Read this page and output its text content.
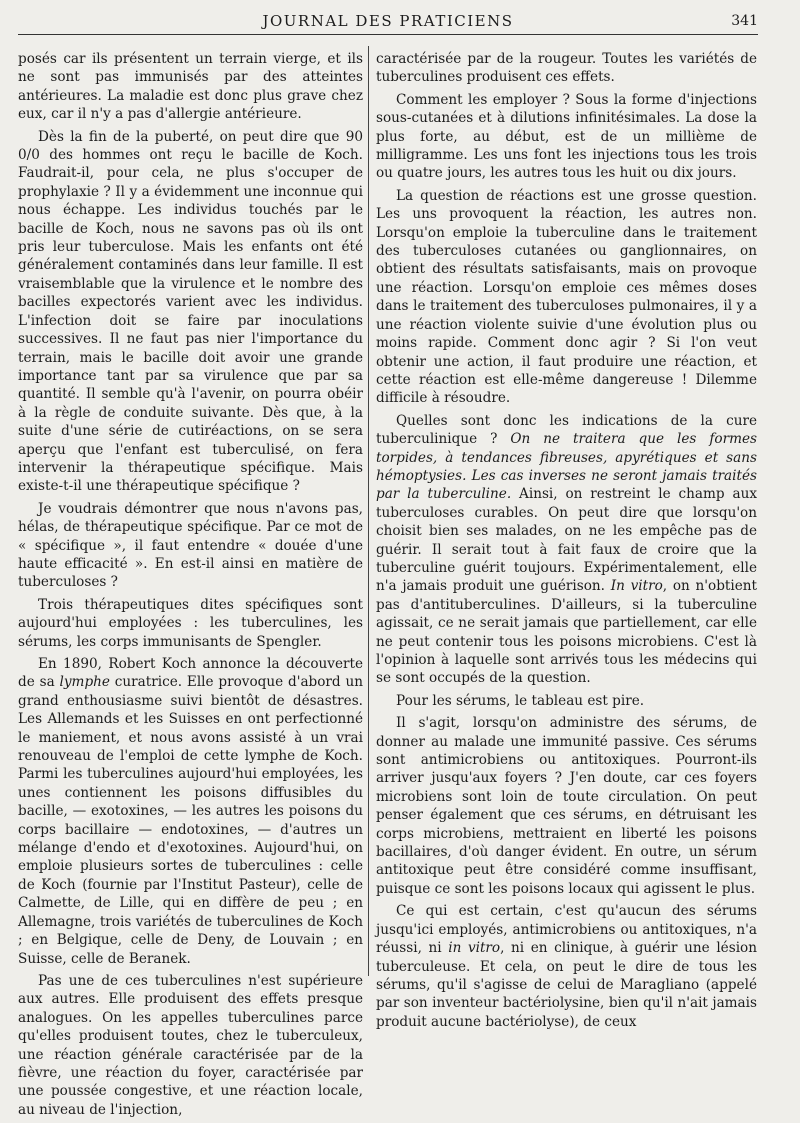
JOURNAL DES PRATICIENS	341

posés car ils présentent un terrain vierge, et ils ne sont pas immunisés par des atteintes antérieures. La maladie est donc plus grave chez eux, car il n'y a pas d'allergie antérieure.

Dès la fin de la puberté, on peut dire que 90 0/0 des hommes ont reçu le bacille de Koch. Faudrait-il, pour cela, ne plus s'occuper de prophylaxie ? Il y a évidemment une inconnue qui nous échappe. Les individus touchés par le bacille de Koch, nous ne savons pas où ils ont pris leur tuberculose. Mais les enfants ont été généralement contaminés dans leur famille. Il est vraisemblable que la virulence et le nombre des bacilles expectorés varient avec les individus. L'infection doit se faire par inoculations successives. Il ne faut pas nier l'importance du terrain, mais le bacille doit avoir une grande importance tant par sa virulence que par sa quantité. Il semble qu'à l'avenir, on pourra obéir à la règle de conduite suivante. Dès que, à la suite d'une série de cutiréactions, on se sera aperçu que l'enfant est tuberculisé, on fera intervenir la thérapeutique spécifique. Mais existe-t-il une thérapeutique spécifique ?

Je voudrais démontrer que nous n'avons pas, hélas, de thérapeutique spécifique. Par ce mot de « spécifique », il faut entendre « douée d'une haute efficacité ». En est-il ainsi en matière de tuberculoses ?

Trois thérapeutiques dites spécifiques sont aujourd'hui employées : les tuberculines, les sérums, les corps immunisants de Spengler.

En 1890, Robert Koch annonce la découverte de sa lymphe curatrice. Elle provoque d'abord un grand enthousiasme suivi bientôt de désastres. Les Allemands et les Suisses en ont perfectionné le maniement, et nous avons assisté à un vrai renouveau de l'emploi de cette lymphe de Koch. Parmi les tuberculines aujourd'hui employées, les unes contiennent les poisons diffusibles du bacille, — exotoxines, — les autres les poisons du corps bacillaire — endotoxines, — d'autres un mélange d'endo et d'exotoxines. Aujourd'hui, on emploie plusieurs sortes de tuberculines : celle de Koch (fournie par l'Institut Pasteur), celle de Calmette, de Lille, qui en diffère de peu ; en Allemagne, trois variétés de tuberculines de Koch ; en Belgique, celle de Deny, de Louvain ; en Suisse, celle de Beranek.

Pas une de ces tuberculines n'est supérieure aux autres. Elle produisent des effets presque analogues. On les appelles tuberculines parce qu'elles produisent toutes, chez le tuberculeux, une réaction générale caractérisée par de la fièvre, une réaction du foyer, caractérisée par une poussée congestive, et une réaction locale, au niveau de l'injection,

caractérisée par de la rougeur. Toutes les variétés de tuberculines produisent ces effets.

Comment les employer ? Sous la forme d'injections sous-cutanées et à dilutions infinitésimales. La dose la plus forte, au début, est de un millième de milligramme. Les uns font les injections tous les trois ou quatre jours, les autres tous les huit ou dix jours.

La question de réactions est une grosse question. Les uns provoquent la réaction, les autres non. Lorsqu'on emploie la tuberculine dans le traitement des tuberculoses cutanées ou ganglionnaires, on obtient des résultats satisfaisants, mais on provoque une réaction. Lorsqu'on emploie ces mêmes doses dans le traitement des tuberculoses pulmonaires, il y a une réaction violente suivie d'une évolution plus ou moins rapide. Comment donc agir ? Si l'on veut obtenir une action, il faut produire une réaction, et cette réaction est elle-même dangereuse ! Dilemme difficile à résoudre.

Quelles sont donc les indications de la cure tuberculinique ? On ne traitera que les formes torpides, à tendances fibreuses, apyrétiques et sans hémoptysies. Les cas inverses ne seront jamais traités par la tuberculine. Ainsi, on restreint le champ aux tuberculoses curables. On peut dire que lorsqu'on choisit bien ses malades, on ne les empêche pas de guérir. Il serait tout à fait faux de croire que la tuberculine guérit toujours. Expérimentalement, elle n'a jamais produit une guérison. In vitro, on n'obtient pas d'antituberculines. D'ailleurs, si la tuberculine agissait, ce ne serait jamais que partiellement, car elle ne peut contenir tous les poisons microbiens. C'est là l'opinion à laquelle sont arrivés tous les médecins qui se sont occupés de la question.

Pour les sérums, le tableau est pire.

Il s'agit, lorsqu'on administre des sérums, de donner au malade une immunité passive. Ces sérums sont antimicrobiens ou antitoxiques. Pourront-ils arriver jusqu'aux foyers ? J'en doute, car ces foyers microbiens sont loin de toute circulation. On peut penser également que ces sérums, en détruisant les corps microbiens, mettraient en liberté les poisons bacillaires, d'où danger évident. En outre, un sérum antitoxique peut être considéré comme insuffisant, puisque ce sont les poisons locaux qui agissent le plus.

Ce qui est certain, c'est qu'aucun des sérums jusqu'ici employés, antimicrobiens ou antitoxiques, n'a réussi, ni in vitro, ni en clinique, à guérir une lésion tuberculeuse. Et cela, on peut le dire de tous les sérums, qu'il s'agisse de celui de Maragliano (appelé par son inventeur bactériolysine, bien qu'il n'ait jamais produit aucune bactériolyse), de ceux
